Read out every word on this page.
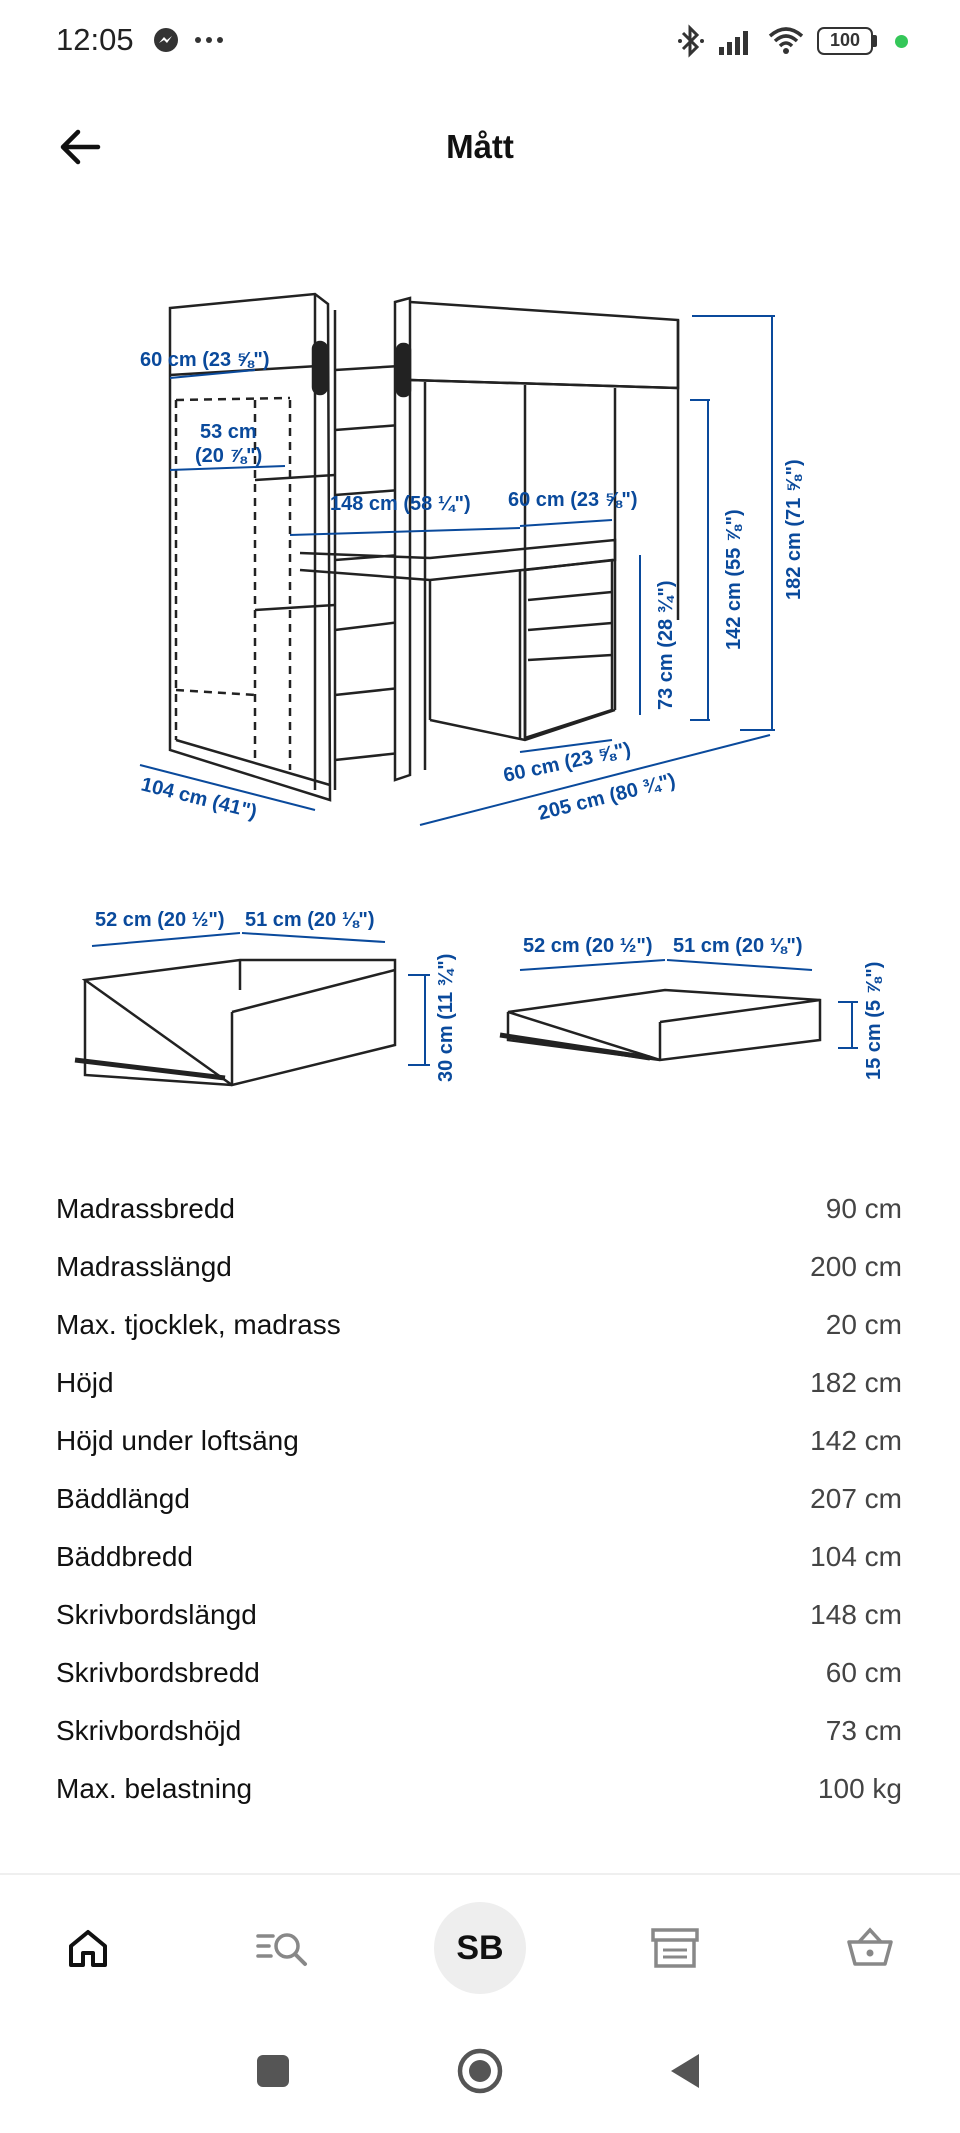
12:05	100
Mått
60 cm (23 ⅝")
53 cm
(20 ⅞")
148 cm (58 ¼") 60 cm (23 ⅝")
73 cm (28 ¾") 142 cm (55 ⅞") 182 cm (71 ⅝")
60 cm (23 ⅝")
205 cm (80 ¾")
104 cm (41")
52 cm (20 ½") 51 cm (20 ⅛")
30 cm (11 ¾")
52 cm (20 ½") 51 cm (20 ⅛")
15 cm (5 ⅞")
Madrassbredd	90 cm
Madrasslängd	200 cm
Max. tjocklek, madrass	20 cm
Höjd	182 cm
Höjd under loftsäng	142 cm
Bäddlängd	207 cm
Bäddbredd	104 cm
Skrivbordslängd	148 cm
Skrivbordsbredd	60 cm
Skrivbordshöjd	73 cm
Max. belastning	100 kg
SB
